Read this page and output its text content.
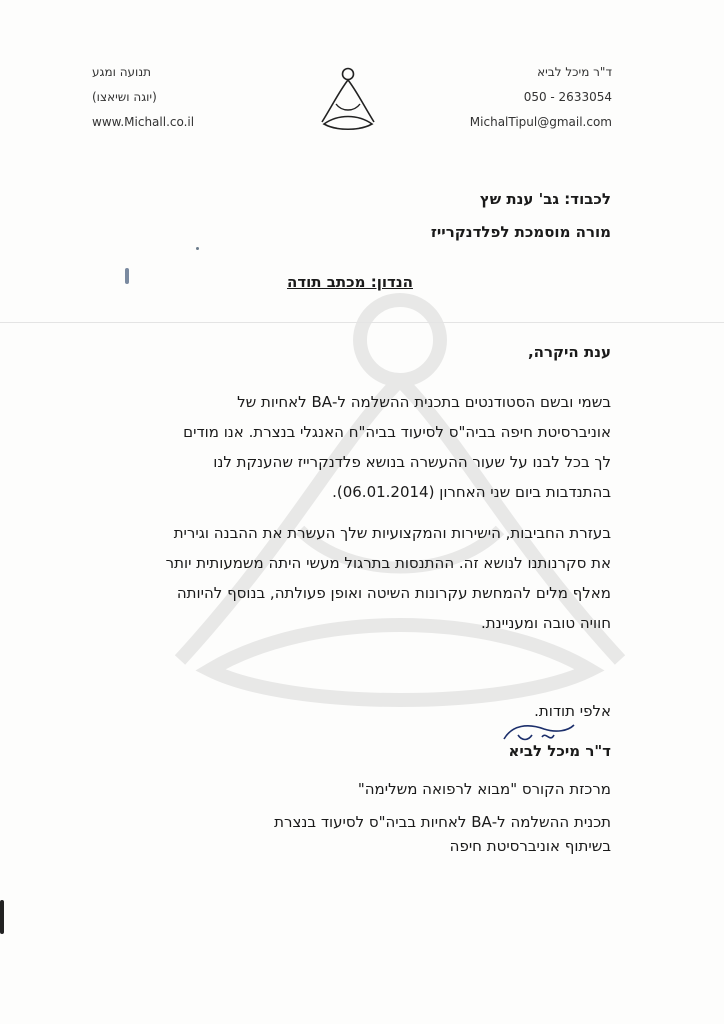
תנועה ומגע
(יוגה ושיאצו)
www.Michall.co.il
ד"ר מיכל לביא
050 - 2633054
MichalTipul@gmail.com
לכבוד: גב' ענת שץ
מורה מוסמכת לפלדנקרייז
הנדון: מכתב תודה
ענת היקרה,
בשמי ובשם הסטודנטים בתכנית ההשלמה ל-BA לאחיות של
אוניברסיטת חיפה בביה"ס לסיעוד בביה"ח האנגלי בנצרת. אנו מודים
לך בכל לבנו על שעור ההעשרה בנושא פלדנקרייז שהענקת לנו
בהתנדבות ביום שני האחרון (06.01.2014).
בעזרת החביבות, הישירות והמקצועיות שלך העשרת את ההבנה וגירית
את סקרנותנו לנושא זה. ההתנסות בתרגול מעשי היתה משמעותית יותר
מאלף מלים להמחשת עקרונות השיטה ואופן פעולתה, בנוסף להיותה
חוויה טובה ומעניינת.
אלפי תודות.
ד"ר מיכל לביא
מרכזת הקורס "מבוא לרפואה משלימה"
תכנית ההשלמה ל-BA לאחיות בביה"ס לסיעוד בנצרת
בשיתוף אוניברסיטת חיפה
